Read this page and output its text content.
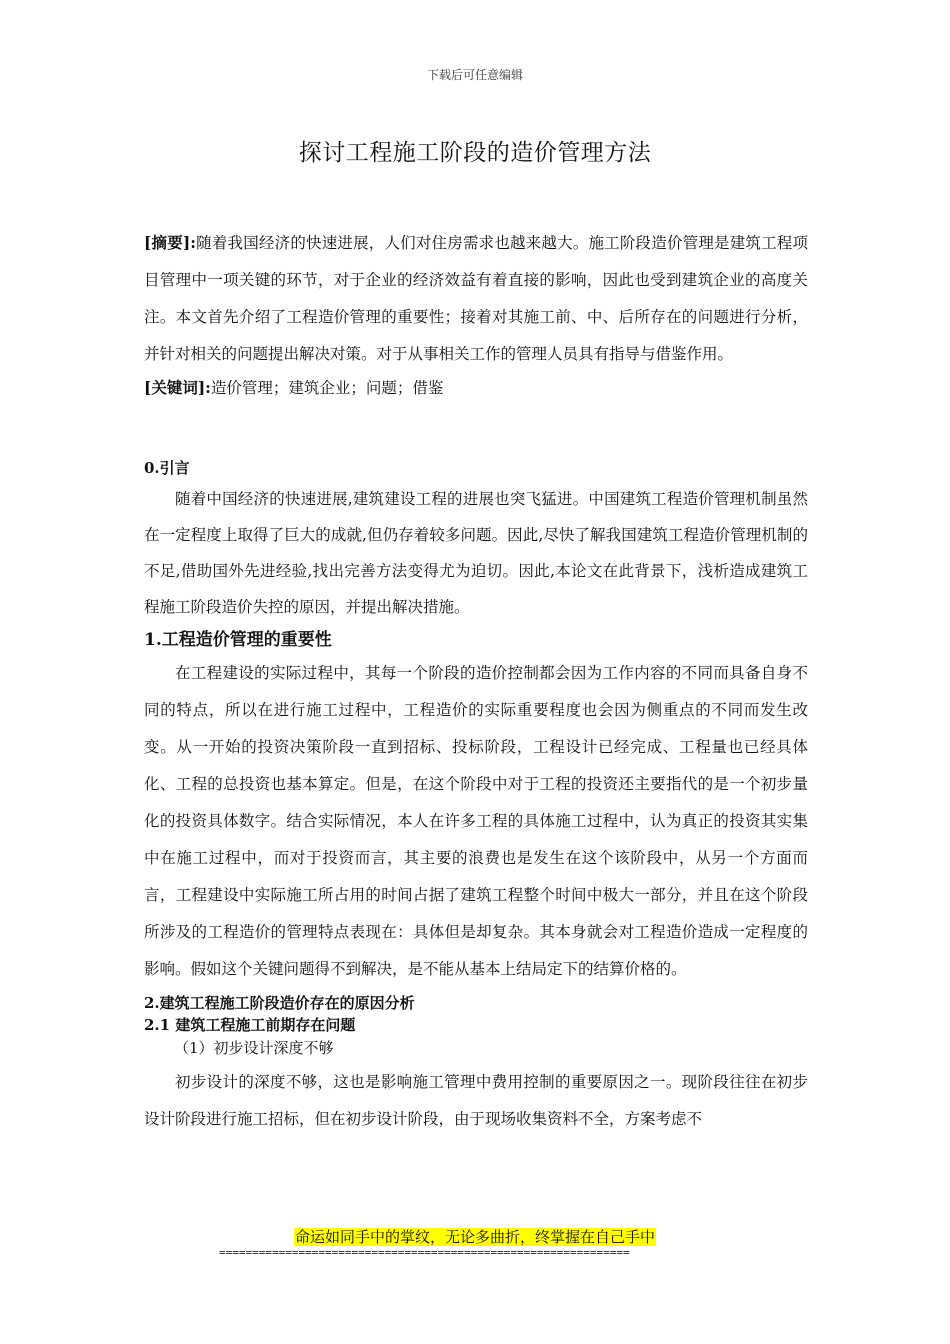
下载后可任意编辑
探讨工程施工阶段的造价管理方法

[摘要]:随着我国经济的快速进展，人们对住房需求也越来越大。施工阶段造价管理是建筑工程项目管理中一项关键的环节，对于企业的经济效益有着直接的影响，因此也受到建筑企业的高度关注。本文首先介绍了工程造价管理的重要性；接着对其施工前、中、后所存在的问题进行分析，并针对相关的问题提出解决对策。对于从事相关工作的管理人员具有指导与借鉴作用。

[关键词]:造价管理；建筑企业；问题；借鉴

0.引言

随着中国经济的快速进展,建筑建设工程的进展也突飞猛进。中国建筑工程造价管理机制虽然在一定程度上取得了巨大的成就,但仍存着较多问题。因此,尽快了解我国建筑工程造价管理机制的不足,借助国外先进经验,找出完善方法变得尤为迫切。因此,本论文在此背景下，浅析造成建筑工程施工阶段造价失控的原因，并提出解决措施。

1.工程造价管理的重要性

在工程建设的实际过程中，其每一个阶段的造价控制都会因为工作内容的不同而具备自身不同的特点，所以在进行施工过程中，工程造价的实际重要程度也会因为侧重点的不同而发生改变。从一开始的投资决策阶段一直到招标、投标阶段，工程设计已经完成、工程量也已经具体化、工程的总投资也基本算定。但是，在这个阶段中对于工程的投资还主要指代的是一个初步量化的投资具体数字。结合实际情况，本人在许多工程的具体施工过程中，认为真正的投资其实集中在施工过程中，而对于投资而言，其主要的浪费也是发生在这个该阶段中，从另一个方面而言，工程建设中实际施工所占用的时间占据了建筑工程整个时间中极大一部分，并且在这个阶段所涉及的工程造价的管理特点表现在：具体但是却复杂。其本身就会对工程造价造成一定程度的影响。假如这个关键问题得不到解决，是不能从基本上结局定下的结算价格的。

2.建筑工程施工阶段造价存在的原因分析
2.1 建筑工程施工前期存在问题
（1）初步设计深度不够

初步设计的深度不够，这也是影响施工管理中费用控制的重要原因之一。现阶段往往在初步设计阶段进行施工招标，但在初步设计阶段，由于现场收集资料不全，方案考虑不

命运如同手中的掌纹，无论多曲折，终掌握在自己手中
==============================================================
